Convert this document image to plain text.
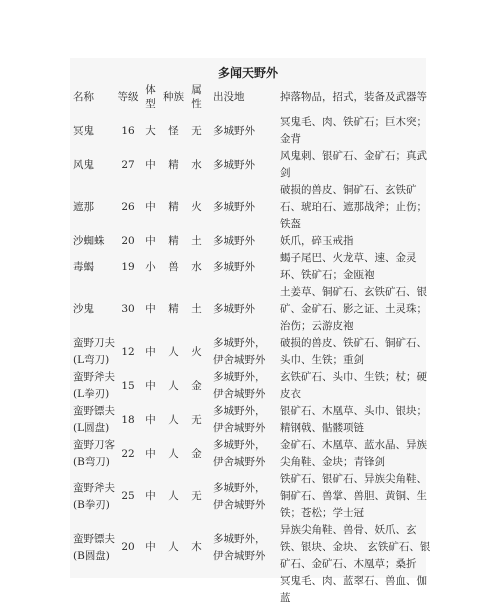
多闻天野外
名称	等级	体型	种族	属性	出没地	掉落物品，招式，装备及武器等
冥鬼	16	大	怪	无	多城野外	冥鬼毛、肉、铁矿石；巨木突；金背
风鬼	27	中	精	水	多城野外	风鬼刺、银矿石、金矿石；真武剑
遮那	26	中	精	火	多城野外	破损的兽皮、铜矿石、玄铁矿石、琥珀石、遮那战斧；止伤；铁盔
沙蜘蛛	20	中	精	土	多城野外	妖爪，碎玉戒指
毒蝎	19	小	兽	水	多城野外	蝎子尾巴、火龙草、速、金灵环、铁矿石；金瓯袍
沙鬼	30	中	精	土	多城野外	土姜草、铜矿石、玄铁矿石、银矿、金矿石、影之证、土灵珠；治伤；云游皮袍
蛮野刀夫(L弯刀)	12	中	人	火	多城野外，伊舍城野外	破损的兽皮、铁矿石、铜矿石、头巾、生铁；重剑
蛮野斧夫(L拳刃)	15	中	人	金	多城野外，伊舍城野外	玄铁矿石、头巾、生铁；杖；硬皮衣
蛮野镖夫(L圆盘)	18	中	人	无	多城野外，伊舍城野外	银矿石、木凰草、头巾、银块；精钢戟、骷髅项链
蛮野刀客(B弯刀)	22	中	人	金	多城野外，伊舍城野外	金矿石、木凰草、蓝水晶、异族尖角鞋、金块；青锋剑
蛮野斧夫(B拳刃)	25	中	人	无	多城野外，伊舍城野外	铁矿石、银矿石、异族尖角鞋、铜矿石、兽掌、兽胆、黄铜、生铁；苍松；学士冠
蛮野镖夫(B圆盘)	20	中	人	木	多城野外，伊舍城野外	异族尖角鞋、兽骨、妖爪、玄铁、银块、金块、 玄铁矿石、银矿石、金矿石、木凰草；桑折
						冥鬼毛、肉、蓝翠石、兽血、伽蓝
